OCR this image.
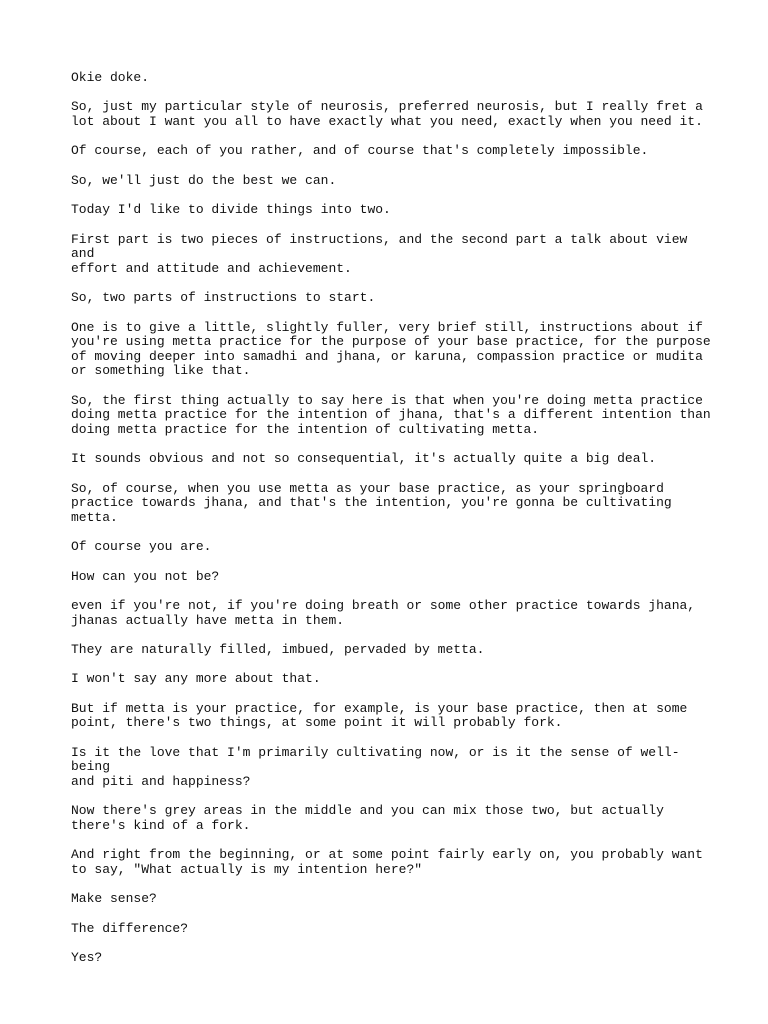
Okie doke.

So, just my particular style of neurosis, preferred neurosis, but I really fret a
lot about I want you all to have exactly what you need, exactly when you need it.

Of course, each of you rather, and of course that's completely impossible.

So, we'll just do the best we can.

Today I'd like to divide things into two.

First part is two pieces of instructions, and the second part a talk about view and
effort and attitude and achievement.

So, two parts of instructions to start.

One is to give a little, slightly fuller, very brief still, instructions about if
you're using metta practice for the purpose of your base practice, for the purpose
of moving deeper into samadhi and jhana, or karuna, compassion practice or mudita
or something like that.

So, the first thing actually to say here is that when you're doing metta practice
doing metta practice for the intention of jhana, that's a different intention than
doing metta practice for the intention of cultivating metta.

It sounds obvious and not so consequential, it's actually quite a big deal.

So, of course, when you use metta as your base practice, as your springboard
practice towards jhana, and that's the intention, you're gonna be cultivating
metta.

Of course you are.

How can you not be?

even if you're not, if you're doing breath or some other practice towards jhana,
jhanas actually have metta in them.

They are naturally filled, imbued, pervaded by metta.

I won't say any more about that.

But if metta is your practice, for example, is your base practice, then at some
point, there's two things, at some point it will probably fork.

Is it the love that I'm primarily cultivating now, or is it the sense of well-being
and piti and happiness?

Now there's grey areas in the middle and you can mix those two, but actually
there's kind of a fork.

And right from the beginning, or at some point fairly early on, you probably want
to say, "What actually is my intention here?"

Make sense?

The difference?

Yes?
